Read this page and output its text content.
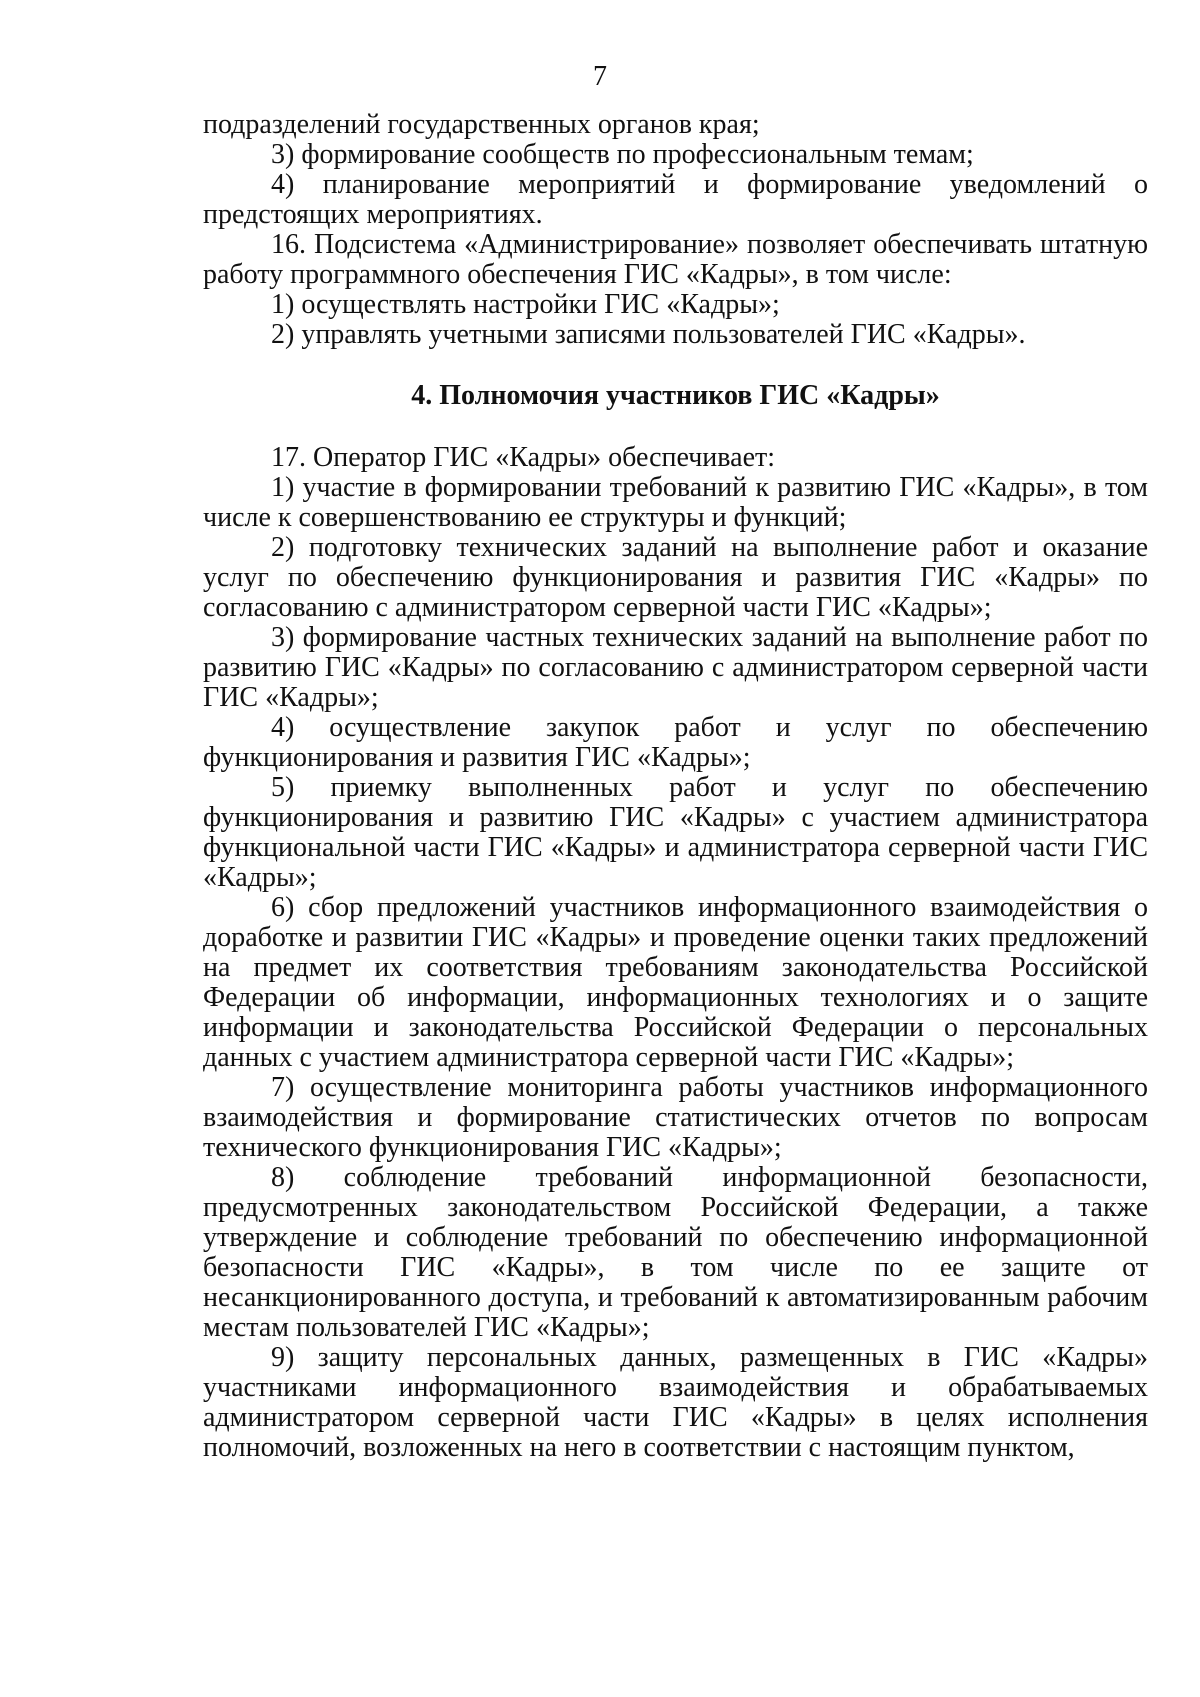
7

подразделений государственных органов края;

3) формирование сообществ по профессиональным темам;

4) планирование мероприятий и формирование уведомлений о предстоящих мероприятиях.

16. Подсистема «Администрирование» позволяет обеспечивать штатную работу программного обеспечения ГИС «Кадры», в том числе:

1) осуществлять настройки ГИС «Кадры»;

2) управлять учетными записями пользователей ГИС «Кадры».

4. Полномочия участников ГИС «Кадры»

17. Оператор ГИС «Кадры» обеспечивает:

1) участие в формировании требований к развитию ГИС «Кадры», в том числе к совершенствованию ее структуры и функций;

2) подготовку технических заданий на выполнение работ и оказание услуг по обеспечению функционирования и развития ГИС «Кадры» по согласованию с администратором серверной части ГИС «Кадры»;

3) формирование частных технических заданий на выполнение работ по развитию ГИС «Кадры» по согласованию с администратором серверной части ГИС «Кадры»;

4) осуществление закупок работ и услуг по обеспечению функционирования и развития ГИС «Кадры»;

5) приемку выполненных работ и услуг по обеспечению функционирования и развитию ГИС «Кадры» с участием администратора функциональной части ГИС «Кадры» и администратора серверной части ГИС «Кадры»;

6) сбор предложений участников информационного взаимодействия о доработке и развитии ГИС «Кадры» и проведение оценки таких предложений на предмет их соответствия требованиям законодательства Российской Федерации об информации, информационных технологиях и о защите информации и законодательства Российской Федерации о персональных данных с участием администратора серверной части ГИС «Кадры»;

7) осуществление мониторинга работы участников информационного взаимодействия и формирование статистических отчетов по вопросам технического функционирования ГИС «Кадры»;

8) соблюдение требований информационной безопасности, предусмотренных законодательством Российской Федерации, а также утверждение и соблюдение требований по обеспечению информационной безопасности ГИС «Кадры», в том числе по ее защите от несанкционированного доступа, и требований к автоматизированным рабочим местам пользователей ГИС «Кадры»;

9) защиту персональных данных, размещенных в ГИС «Кадры» участниками информационного взаимодействия и обрабатываемых администратором серверной части ГИС «Кадры» в целях исполнения полномочий, возложенных на него в соответствии с настоящим пунктом,
